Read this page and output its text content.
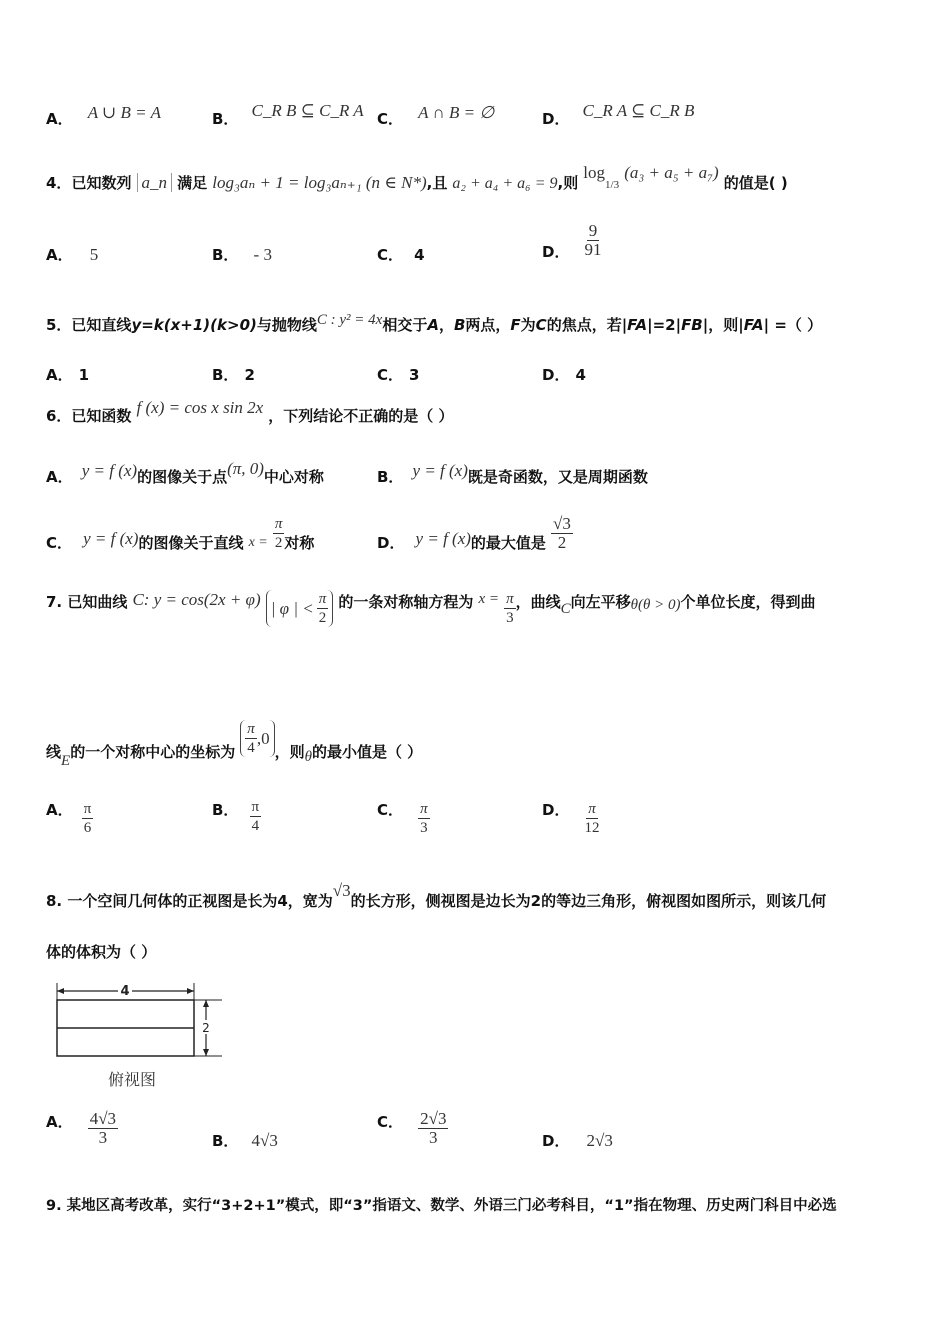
A． A ∪ B = A	B． C_R B ⊆ C_R A C． A ∩ B = ∅	D． C_R A ⊆ C_R B
4．已知数列 a_n 满足 log₃aₙ + 1 = log₃aₙ₊₁ (n ∈ N*),且 a₂ + a₄ + a₆ = 9,则 $\log_{1/3} (a_3 + a_5 + a_7)$ 的值是( )
A． 5	B． - 3	C． 4	D． $\frac{9}{91}$
5．已知直线y=k(x+1)(k>0)与抛物线C : y² = 4x相交于A，B两点，F为C的焦点，若|FA|=2|FB|，则|FA| =（ ）
A． 1	B． 2	C． 3	D． 4
6．已知函数 f (x) = cos x sin 2x ，下列结论不正确的是（ ）
A． y = f (x)的图像关于点(π, 0)中心对称	B． y = f (x)既是奇函数，又是周期函数
C． y = f (x)的图像关于直线 $x = \frac{\pi}{2}$ 对称	D． y = f (x)的最大值是 $\frac{√3}{2}$
7. 已知曲线 C: y = cos(2x + φ) | φ | < $\frac{\pi}{2}$ 的一条对称轴方程为 $x = \frac{\pi}{3}$ ，曲线C向左平移θ(θ > 0)个单位长度，得到曲
线E的一个对称中心的坐标为 $\frac{\pi}{4} ,0$
，则θ的最小值是（ ）
A． $\frac{\pi}{6}$	B． $\frac{\pi}{4}$	C． $\frac{\pi}{3}$	D． $\frac{\pi}{12}$
8. 一个空间几何体的正视图是长为4，宽为√3的长方形，侧视图是边长为2的等边三角形，俯视图如图所示，则该几何
体的体积为（ ）
4
2
俯视图
A． $\frac{4√3}{3}$	B． 4√3
C． $\frac{2√3}{3}$	D． 2√3
9. 某地区高考改革，实行“3+2+1”模式，即“3”指语文、数学、外语三门必考科目，“1”指在物理、历史两门科目中必选
